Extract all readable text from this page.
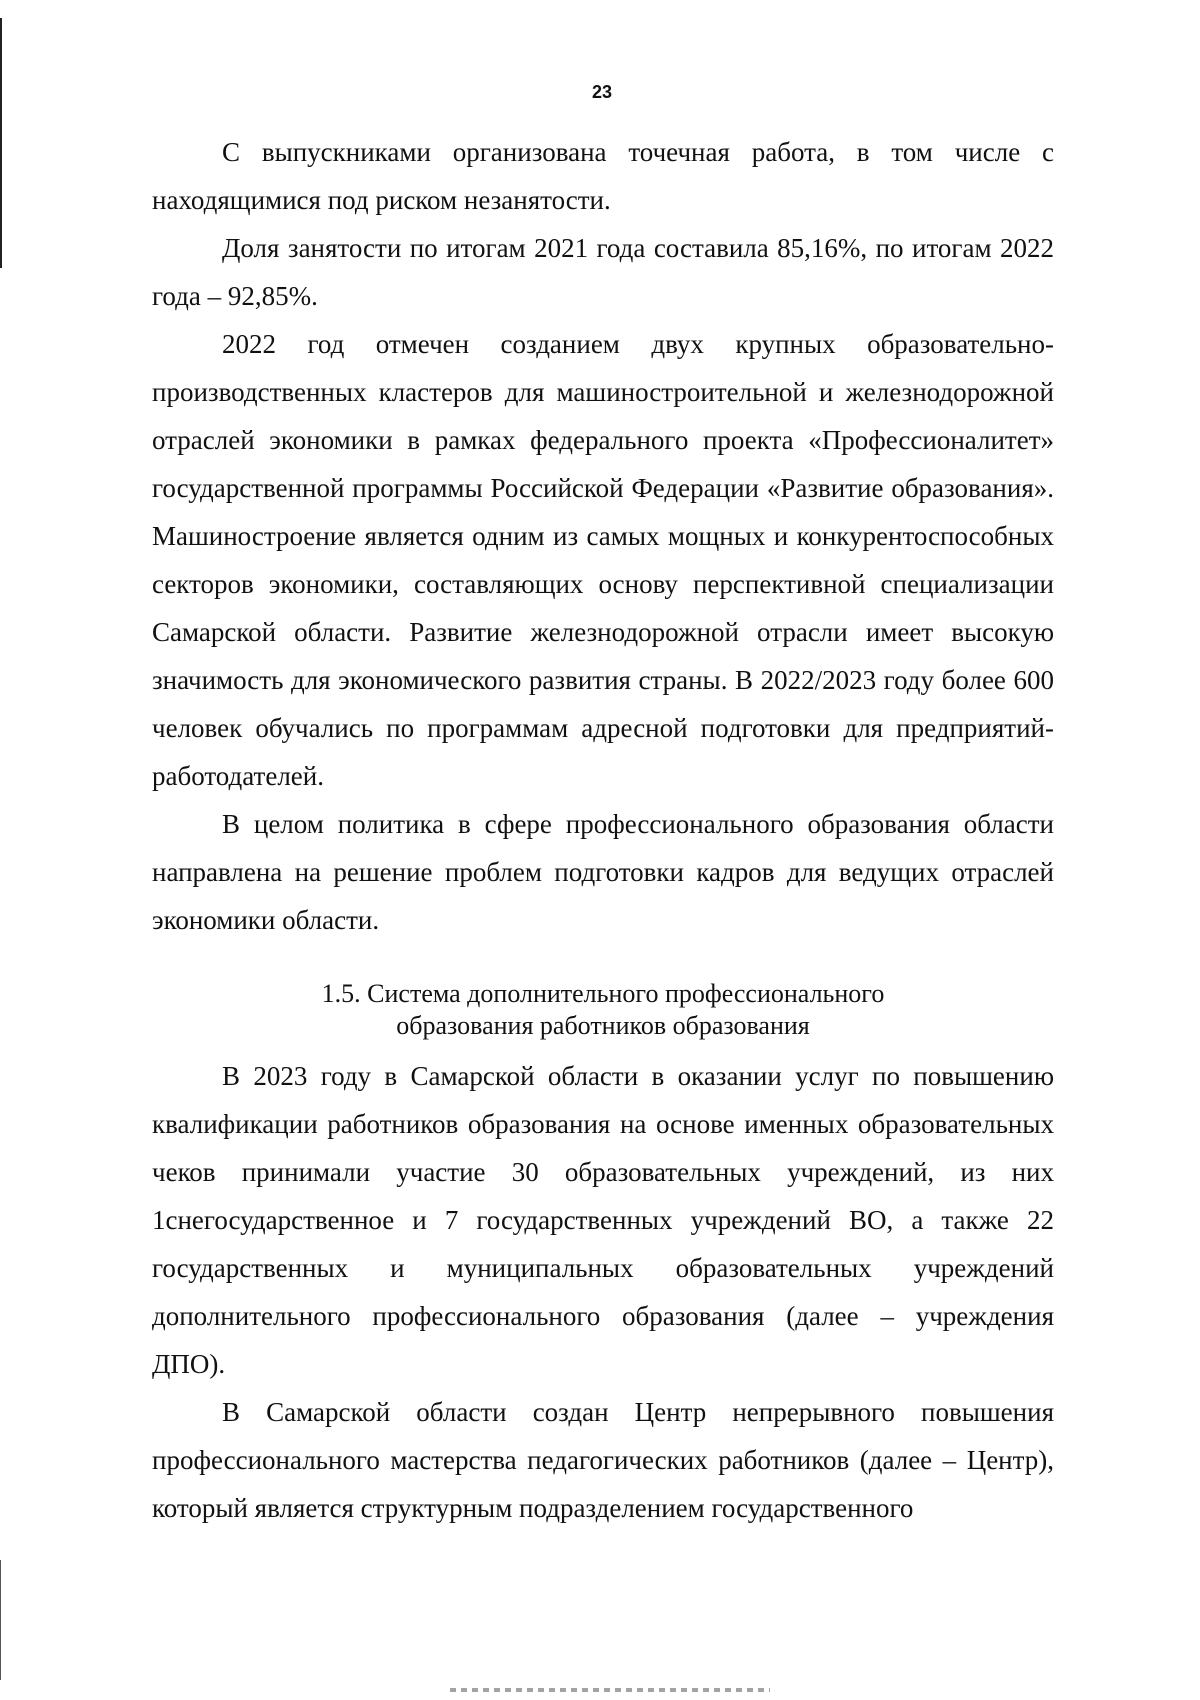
23

С выпускниками организована точечная работа, в том числе с находящимися под риском незанятости.

Доля занятости по итогам 2021 года составила 85,16%, по итогам 2022 года – 92,85%.

2022 год отмечен созданием двух крупных образовательно-производственных кластеров для машиностроительной и железнодорожной отраслей экономики в рамках федерального проекта «Профессионалитет» государственной программы Российской Федерации «Развитие образования». Машиностроение является одним из самых мощных и конкурентоспособных секторов экономики, составляющих основу перспективной специализации Самарской области. Развитие железнодорожной отрасли имеет высокую значимость для экономического развития страны. В 2022/2023 году более 600 человек обучались по программам адресной подготовки для предприятий-работодателей.

В целом политика в сфере профессионального образования области направлена на решение проблем подготовки кадров для ведущих отраслей экономики области.

1.5. Система дополнительного профессионального
образования работников образования

В 2023 году в Самарской области в оказании услуг по повышению квалификации работников образования на основе именных образовательных чеков принимали участие 30 образовательных учреждений, из них 1снегосударственное и 7 государственных учреждений ВО, а также 22 государственных и муниципальных образовательных учреждений дополнительного профессионального образования (далее – учреждения ДПО).

В Самарской области создан Центр непрерывного повышения профессионального мастерства педагогических работников (далее – Центр), который является структурным подразделением государственного
